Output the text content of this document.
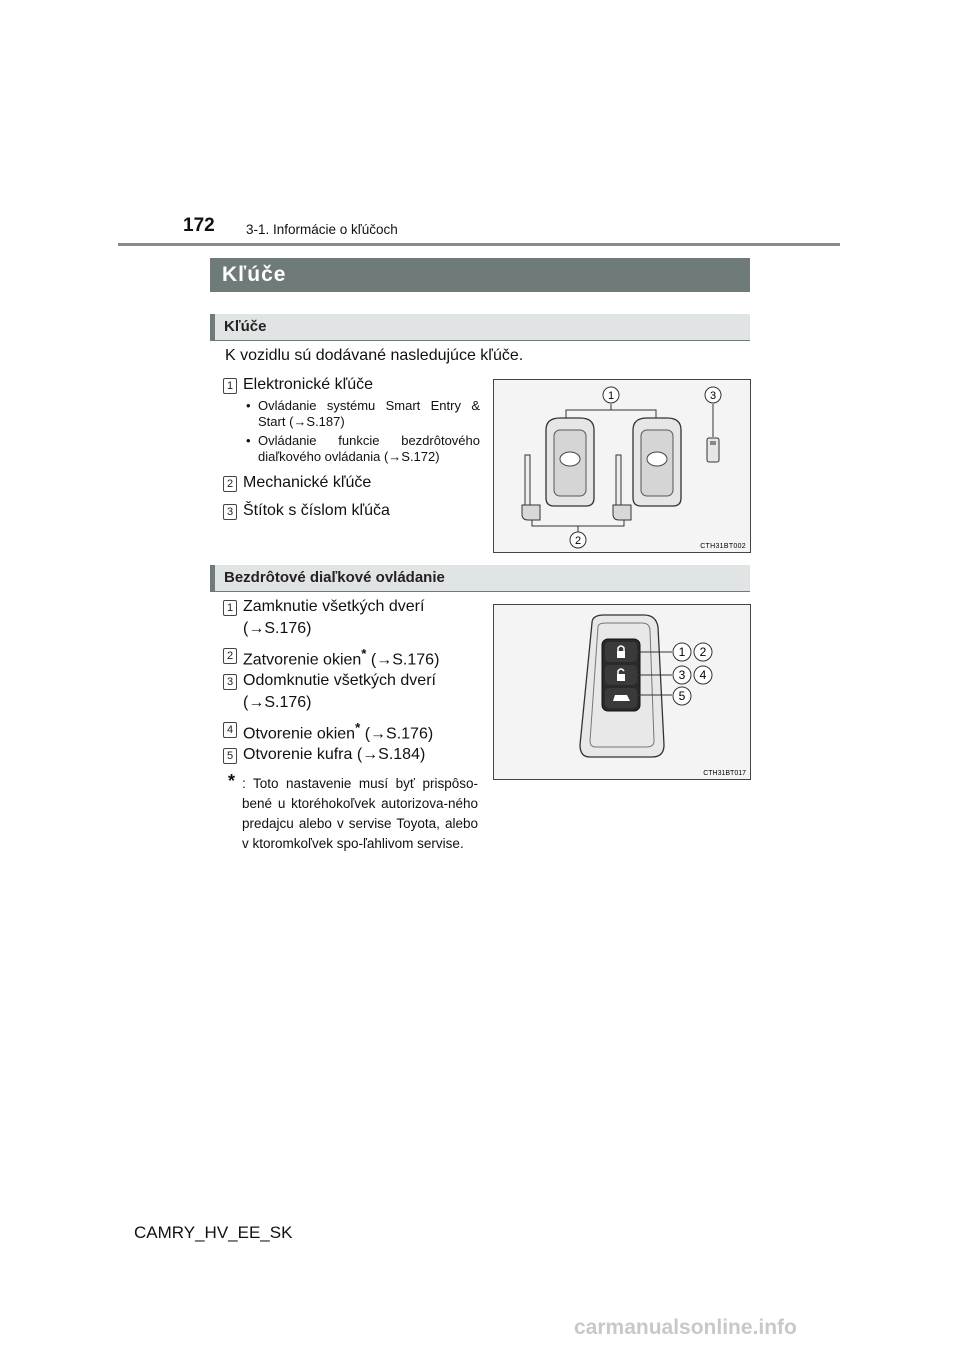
172 3-1. Informácie o kľúčoch
Kľúče
Kľúče
K vozidlu sú dodávané nasledujúce kľúče.
1 Elektronické kľúče
• Ovládanie systému Smart Entry & Start (→S.187)
• Ovládanie funkcie bezdrôtového diaľkového ovládania (→S.172)
2 Mechanické kľúče
3 Štítok s číslom kľúča
1
2
3
CTH31BT002
Bezdrôtové diaľkové ovládanie
1 Zamknutie všetkých dverí
(→S.176)
2 Zatvorenie okien* (→S.176)
3 Odomknutie všetkých dverí
(→S.176)
4 Otvorenie okien* (→S.176)
5 Otvorenie kufra (→S.184)
* : Toto nastavenie musí byť prispôso-bené u ktoréhokoľvek autorizova-ného predajcu alebo v servise Toyota, alebo v ktoromkoľvek spo-ľahlivom servise.
1 2
3 4
5
CTH31BT017
CAMRY_HV_EE_SK
carmanualsonline.info
